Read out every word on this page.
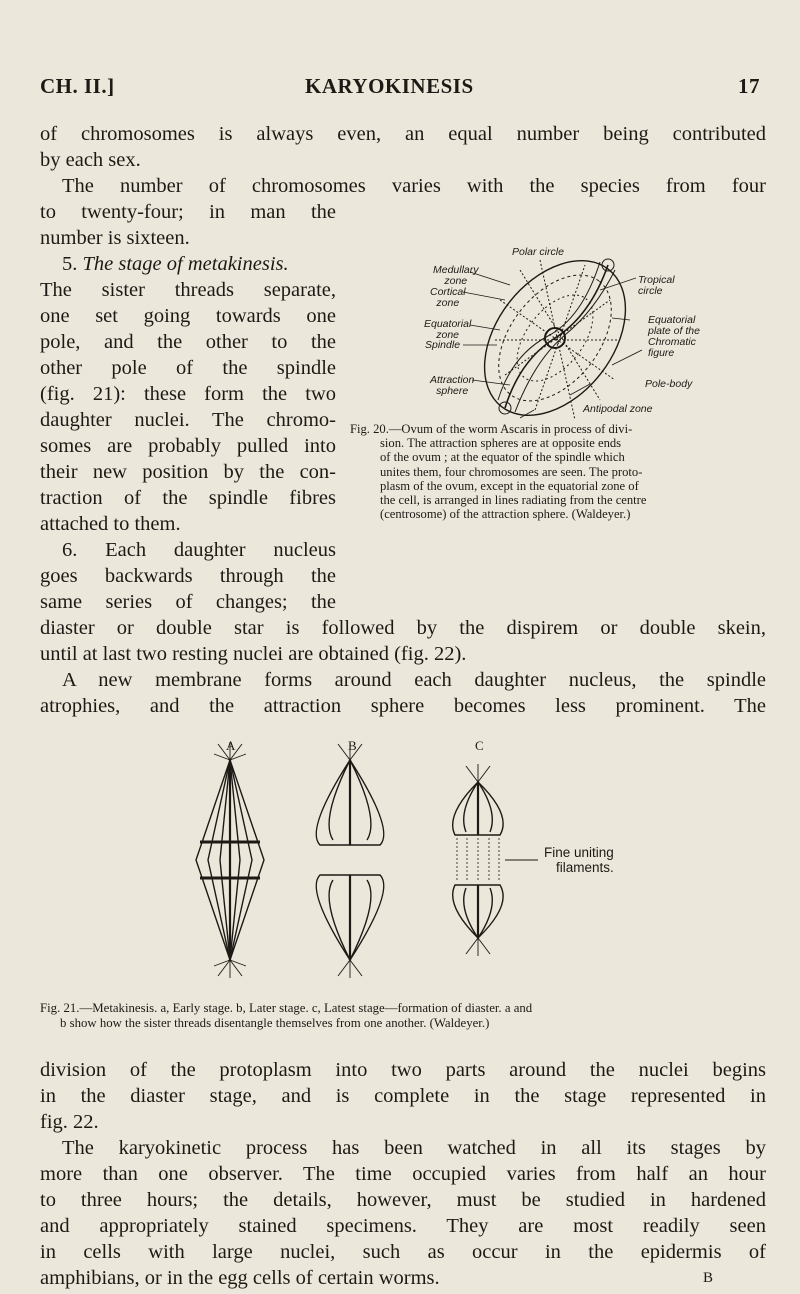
CH. II.]	KARYOKINESIS	17
of chromosomes is always even, an equal number being contributed
by each sex.
The number of chromosomes varies with the species from four
to twenty-four; in man the
number is sixteen.
5. The stage of metakinesis.
The sister threads separate,
one set going towards one
pole, and the other to the
other pole of the spindle
(fig. 21): these form the two
daughter nuclei. The chromo-
somes are probably pulled into
their new position by the con-
traction of the spindle fibres
attached to them.
6. Each daughter nucleus
goes backwards through the
same series of changes; the
Polar circle
Medullary
zone
Cortical
zone
Equatorial
zone
Spindle
Attraction
sphere
Tropical
circle
Equatorial
plate of the
Chromatic
figure
Pole-body
Antipodal zone
Fig. 20.—Ovum of the worm Ascaris in process of divi-
sion. The attraction spheres are at opposite ends
of the ovum ; at the equator of the spindle which
unites them, four chromosomes are seen. The proto-
plasm of the ovum, except in the equatorial zone of
the cell, is arranged in lines radiating from the centre
(centrosome) of the attraction sphere. (Waldeyer.)
diaster or double star is followed by the dispirem or double skein,
until at last two resting nuclei are obtained (fig. 22).
A new membrane forms around each daughter nucleus, the spindle
atrophies, and the attraction sphere becomes less prominent. The
A	B	C
Fine uniting
filaments.
Fig. 21.—Metakinesis. a, Early stage. b, Later stage. c, Latest stage—formation of diaster. a and
b show how the sister threads disentangle themselves from one another. (Waldeyer.)
division of the protoplasm into two parts around the nuclei begins
in the diaster stage, and is complete in the stage represented in
fig. 22.
The karyokinetic process has been watched in all its stages by
more than one observer. The time occupied varies from half an hour
to three hours; the details, however, must be studied in hardened
and appropriately stained specimens. They are most readily seen
in cells with large nuclei, such as occur in the epidermis of
amphibians, or in the egg cells of certain worms.	B
